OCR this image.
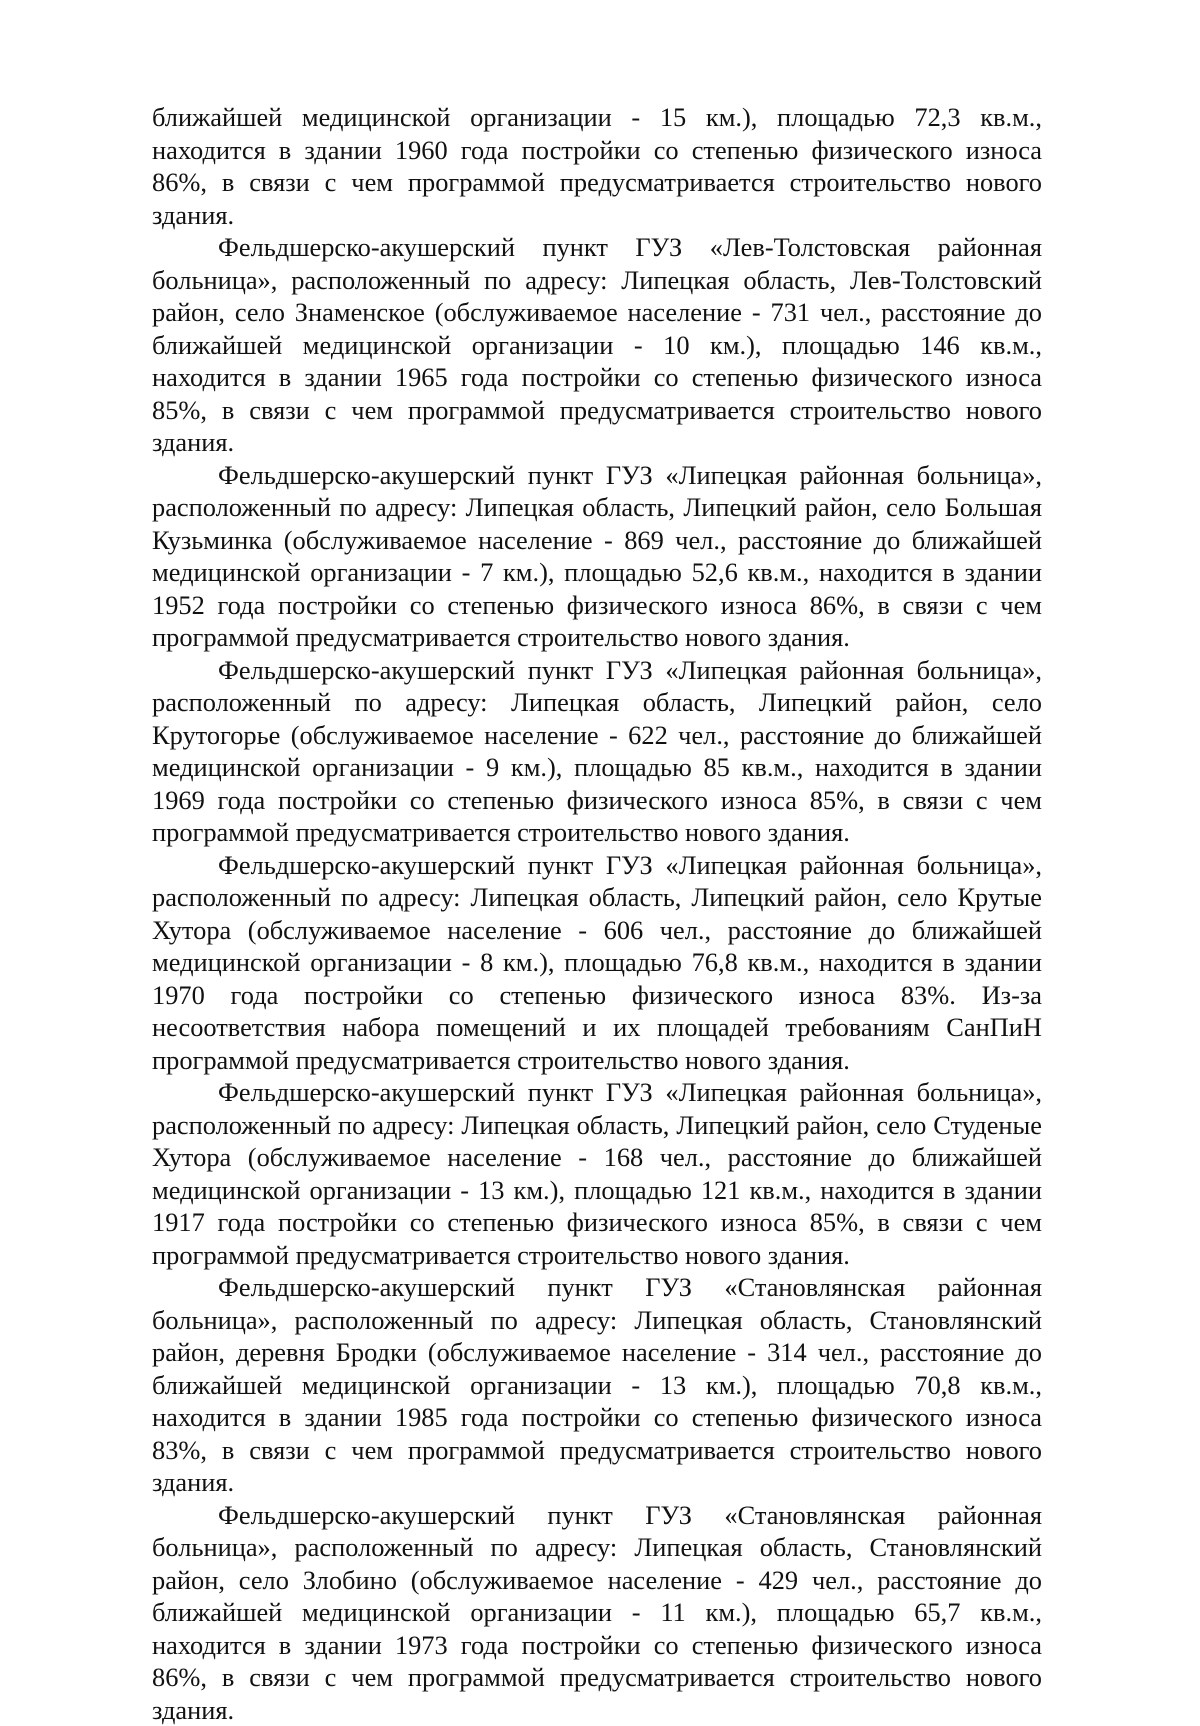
ближайшей медицинской организации - 15 км.), площадью 72,3 кв.м., находится в здании 1960 года постройки со степенью физического износа 86%, в связи с чем программой предусматривается строительство нового здания.

Фельдшерско-акушерский пункт ГУЗ «Лев-Толстовская районная больница», расположенный по адресу: Липецкая область, Лев-Толстовский район, село Знаменское (обслуживаемое население - 731 чел., расстояние до ближайшей медицинской организации - 10 км.), площадью 146 кв.м., находится в здании 1965 года постройки со степенью физического износа 85%, в связи с чем программой предусматривается строительство нового здания.

Фельдшерско-акушерский пункт ГУЗ «Липецкая районная больница», расположенный по адресу: Липецкая область, Липецкий район, село Большая Кузьминка (обслуживаемое население - 869 чел., расстояние до ближайшей медицинской организации - 7 км.), площадью 52,6 кв.м., находится в здании 1952 года постройки со степенью физического износа 86%, в связи с чем программой предусматривается строительство нового здания.

Фельдшерско-акушерский пункт ГУЗ «Липецкая районная больница», расположенный по адресу: Липецкая область, Липецкий район, село Крутогорье (обслуживаемое население - 622 чел., расстояние до ближайшей медицинской организации - 9 км.), площадью 85 кв.м., находится в здании 1969 года постройки со степенью физического износа 85%, в связи с чем программой предусматривается строительство нового здания.

Фельдшерско-акушерский пункт ГУЗ «Липецкая районная больница», расположенный по адресу: Липецкая область, Липецкий район, село Крутые Хутора (обслуживаемое население - 606 чел., расстояние до ближайшей медицинской организации - 8 км.), площадью 76,8 кв.м., находится в здании 1970 года постройки со степенью физического износа 83%. Из-за несоответствия набора помещений и их площадей требованиям СанПиН программой предусматривается строительство нового здания.

Фельдшерско-акушерский пункт ГУЗ «Липецкая районная больница», расположенный по адресу: Липецкая область, Липецкий район, село Студеные Хутора (обслуживаемое население - 168 чел., расстояние до ближайшей медицинской организации - 13 км.), площадью 121 кв.м., находится в здании 1917 года постройки со степенью физического износа 85%, в связи с чем программой предусматривается строительство нового здания.

Фельдшерско-акушерский пункт ГУЗ «Становлянская районная больница», расположенный по адресу: Липецкая область, Становлянский район, деревня Бродки (обслуживаемое население - 314 чел., расстояние до ближайшей медицинской организации - 13 км.), площадью 70,8 кв.м., находится в здании 1985 года постройки со степенью физического износа 83%, в связи с чем программой предусматривается строительство нового здания.

Фельдшерско-акушерский пункт ГУЗ «Становлянская районная больница», расположенный по адресу: Липецкая область, Становлянский район, село Злобино (обслуживаемое население - 429 чел., расстояние до ближайшей медицинской организации - 11 км.), площадью 65,7 кв.м., находится в здании 1973 года постройки со степенью физического износа 86%, в связи с чем программой предусматривается строительство нового здания.
